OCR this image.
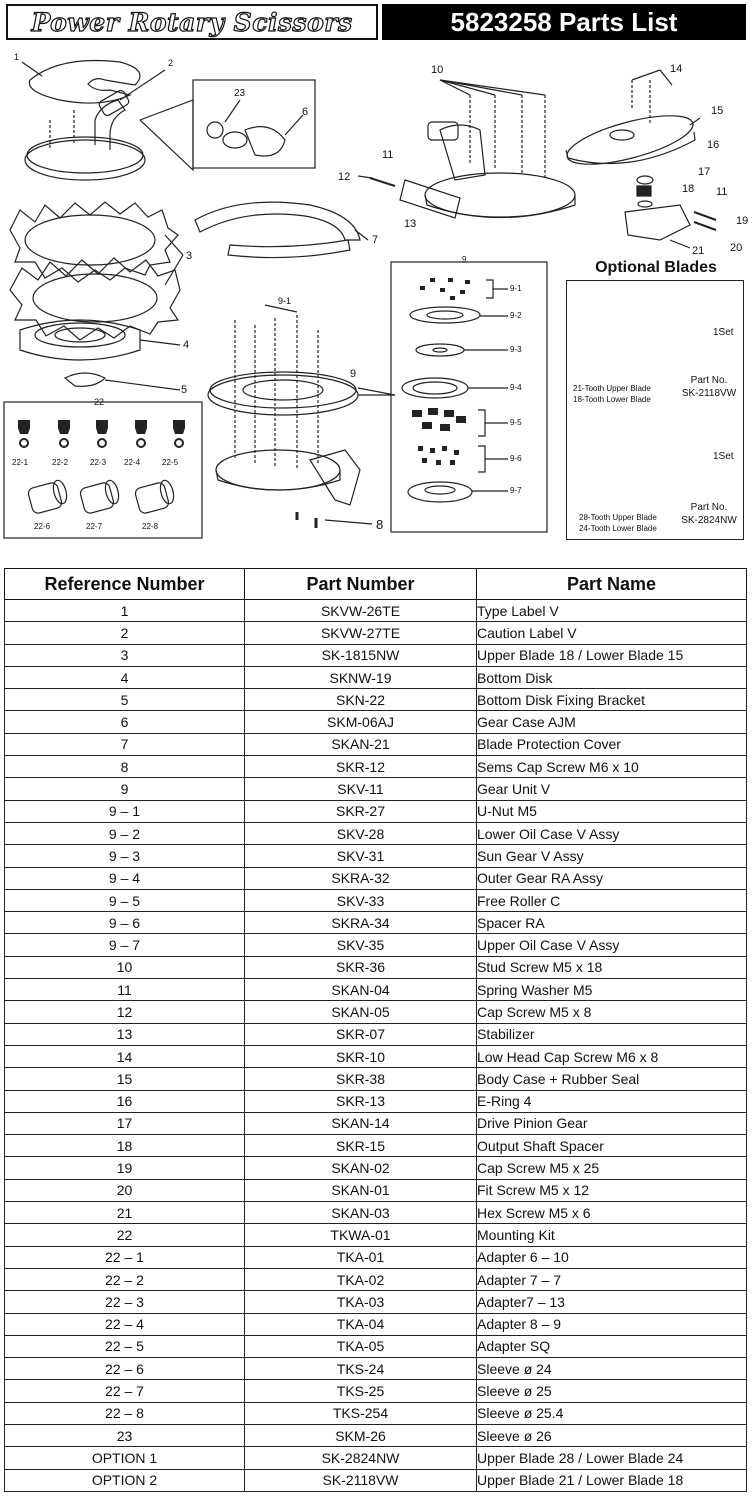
Power Rotary Scissors	5823258 Parts List
1
2
23
6
3
7
4
5
9-1
9
8
10	14
15
16
17
18
11
12
13	19
20
21
11
9
9-1
9-2
9-3
9-4
9-5
9-6
9-7
22
22-1	22-2	22-3 22-4	22-5
22-6	22-7	22-8
Optional Blades
1Set
21-Tooth Upper Blade
18-Tooth Lower Blade
Part No.
SK-2118VW
1Set
28-Tooth Upper Blade
24-Tooth Lower Blade
Part No.
SK-2824NW
Reference Number	Part Number	Part Name
1	SKVW-26TE	Type Label V
2	SKVW-27TE	Caution Label V
3	SK-1815NW	Upper Blade 18 / Lower Blade 15
4	SKNW-19	Bottom Disk
5	SKN-22	Bottom Disk Fixing Bracket
6	SKM-06AJ	Gear Case AJM
7	SKAN-21	Blade Protection Cover
8	SKR-12	Sems Cap Screw M6 x 10
9	SKV-11	Gear Unit V
9 – 1	SKR-27	U-Nut M5
9 – 2	SKV-28	Lower Oil Case V Assy
9 – 3	SKV-31	Sun Gear V Assy
9 – 4	SKRA-32	Outer Gear RA Assy
9 – 5	SKV-33	Free Roller C
9 – 6	SKRA-34	Spacer RA
9 – 7	SKV-35	Upper Oil Case V Assy
10	SKR-36	Stud Screw M5 x 18
11	SKAN-04	Spring Washer M5
12	SKAN-05	Cap Screw M5 x 8
13	SKR-07	Stabilizer
14	SKR-10	Low Head Cap Screw M6 x 8
15	SKR-38	Body Case + Rubber Seal
16	SKR-13	E-Ring 4
17	SKAN-14	Drive Pinion Gear
18	SKR-15	Output Shaft Spacer
19	SKAN-02	Cap Screw M5 x 25
20	SKAN-01	Fit Screw M5 x 12
21	SKAN-03	Hex Screw M5 x 6
22	TKWA-01	Mounting Kit
22 – 1	TKA-01	Adapter 6 – 10
22 – 2	TKA-02	Adapter 7 – 7
22 – 3	TKA-03	Adapter7 – 13
22 – 4	TKA-04	Adapter 8 – 9
22 – 5	TKA-05	Adapter SQ
22 – 6	TKS-24	Sleeve ø 24
22 – 7	TKS-25	Sleeve ø 25
22 – 8	TKS-254	Sleeve ø 25.4
23	SKM-26	Sleeve ø 26
OPTION 1	SK-2824NW	Upper Blade 28 / Lower Blade 24
OPTION 2	SK-2118VW	Upper Blade 21 / Lower Blade 18
